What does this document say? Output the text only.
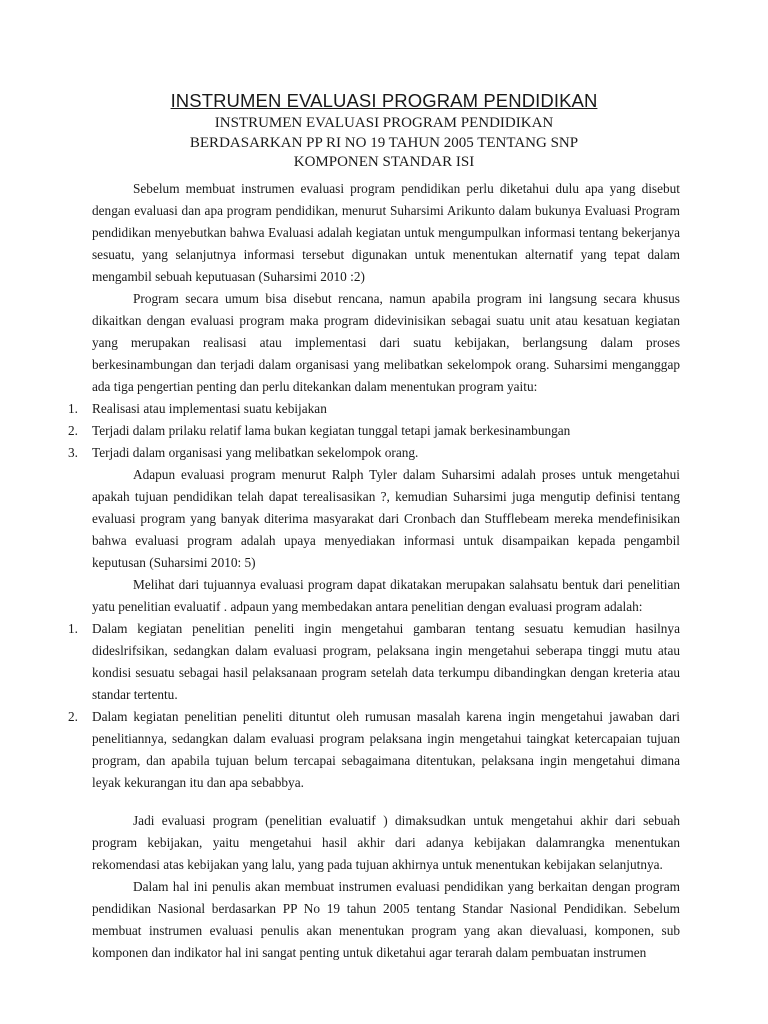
INSTRUMEN EVALUASI PROGRAM PENDIDIKAN
INSTRUMEN EVALUASI PROGRAM PENDIDIKAN
BERDASARKAN PP RI NO 19 TAHUN 2005 TENTANG SNP
KOMPONEN STANDAR ISI

Sebelum membuat instrumen evaluasi program pendidikan perlu diketahui dulu apa yang disebut dengan evaluasi dan apa program pendidikan, menurut Suharsimi Arikunto dalam bukunya Evaluasi Program pendidikan menyebutkan bahwa Evaluasi adalah kegiatan untuk mengumpulkan informasi tentang bekerjanya sesuatu, yang selanjutnya informasi tersebut digunakan untuk menentukan alternatif yang tepat dalam mengambil sebuah keputuasan (Suharsimi 2010 :2)

Program secara umum bisa disebut rencana, namun apabila program ini langsung secara khusus dikaitkan dengan evaluasi program maka program didevinisikan sebagai suatu unit atau kesatuan kegiatan yang merupakan realisasi atau implementasi dari suatu kebijakan, berlangsung dalam proses berkesinambungan dan terjadi dalam organisasi yang melibatkan sekelompok orang. Suharsimi menganggap ada tiga pengertian penting dan perlu ditekankan dalam menentukan program yaitu:

1. Realisasi atau implementasi suatu kebijakan
2. Terjadi dalam prilaku relatif lama bukan kegiatan tunggal tetapi jamak berkesinambungan
3. Terjadi dalam organisasi yang melibatkan sekelompok orang.

Adapun evaluasi program menurut Ralph Tyler dalam Suharsimi adalah proses untuk mengetahui apakah tujuan pendidikan telah dapat terealisasikan ?, kemudian Suharsimi juga mengutip definisi tentang evaluasi program yang banyak diterima masyarakat dari Cronbach dan Stufflebeam mereka mendefinisikan bahwa evaluasi program adalah upaya menyediakan informasi untuk disampaikan kepada pengambil keputusan (Suharsimi 2010: 5)

Melihat dari tujuannya evaluasi program dapat dikatakan merupakan salahsatu bentuk dari penelitian yatu penelitian evaluatif . adpaun yang membedakan antara penelitian dengan evaluasi program adalah:

1. Dalam kegiatan penelitian peneliti ingin mengetahui gambaran tentang sesuatu kemudian hasilnya dideslrifsikan, sedangkan dalam evaluasi program, pelaksana ingin mengetahui seberapa tinggi mutu atau kondisi sesuatu sebagai hasil pelaksanaan program setelah data terkumpu dibandingkan dengan kreteria atau standar tertentu.
2. Dalam kegiatan penelitian peneliti dituntut oleh rumusan masalah karena ingin mengetahui jawaban dari penelitiannya, sedangkan dalam evaluasi program pelaksana ingin mengetahui taingkat ketercapaian tujuan program, dan apabila tujuan belum tercapai sebagaimana ditentukan, pelaksana ingin mengetahui dimana leyak kekurangan itu dan apa sebabbya.

Jadi evaluasi program (penelitian evaluatif ) dimaksudkan untuk mengetahui akhir dari sebuah program kebijakan, yaitu mengetahui hasil akhir dari adanya kebijakan dalamrangka menentukan rekomendasi atas kebijakan yang lalu, yang pada tujuan akhirnya untuk menentukan kebijakan selanjutnya.

Dalam hal ini penulis akan membuat instrumen evaluasi pendidikan yang berkaitan dengan program pendidikan Nasional berdasarkan PP No 19 tahun 2005 tentang Standar Nasional Pendidikan. Sebelum membuat instrumen evaluasi penulis akan menentukan program yang akan dievaluasi, komponen, sub komponen dan indikator hal ini sangat penting untuk diketahui agar terarah dalam pembuatan instrumen
